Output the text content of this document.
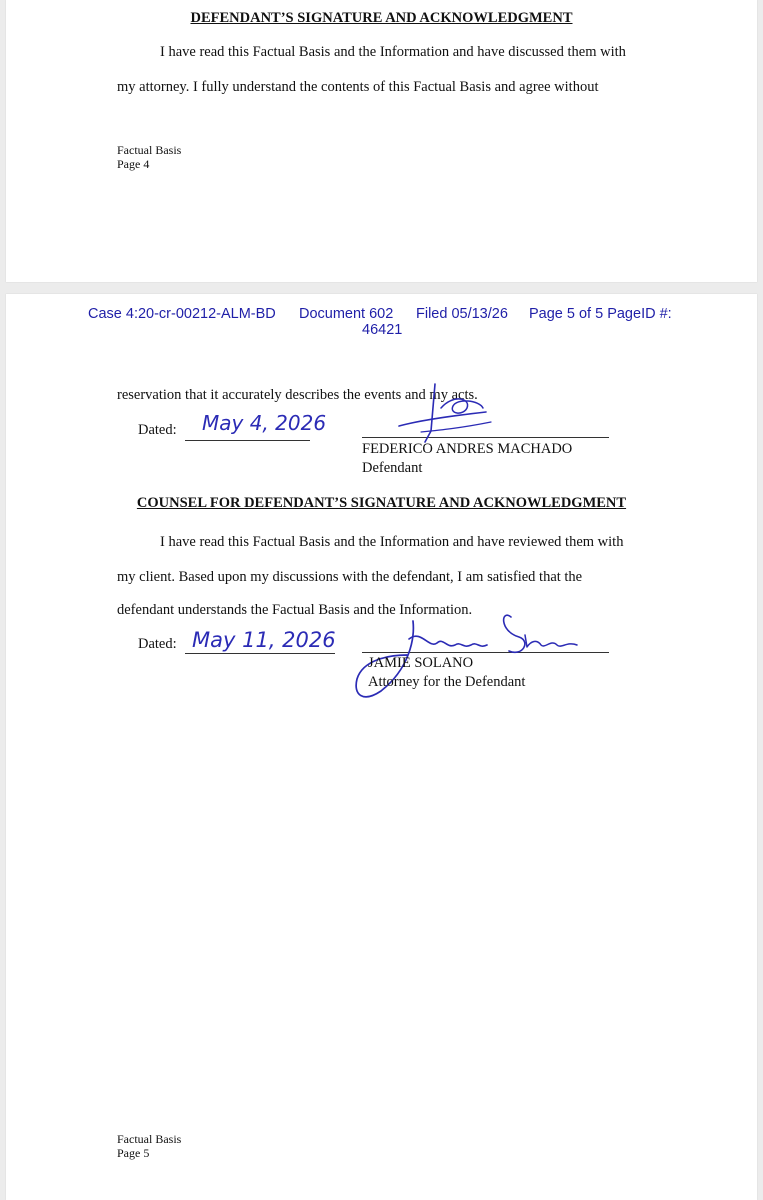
DEFENDANT’S SIGNATURE AND ACKNOWLEDGMENT
I have read this Factual Basis and the Information and have discussed them with
my attorney. I fully understand the contents of this Factual Basis and agree without
Factual Basis
Page 4
Case 4:20-cr-00212-ALM-BD Document 602 Filed 05/13/26 Page 5 of 5 PageID #:
46421
reservation that it accurately describes the events and my acts.
Dated: May 4, 2026
FEDERICO ANDRES MACHADO
Defendant
COUNSEL FOR DEFENDANT’S SIGNATURE AND ACKNOWLEDGMENT
I have read this Factual Basis and the Information and have reviewed them with
my client. Based upon my discussions with the defendant, I am satisfied that the
defendant understands the Factual Basis and the Information.
Dated: May 11, 2026
JAMIE SOLANO
Attorney for the Defendant
Factual Basis
Page 5
